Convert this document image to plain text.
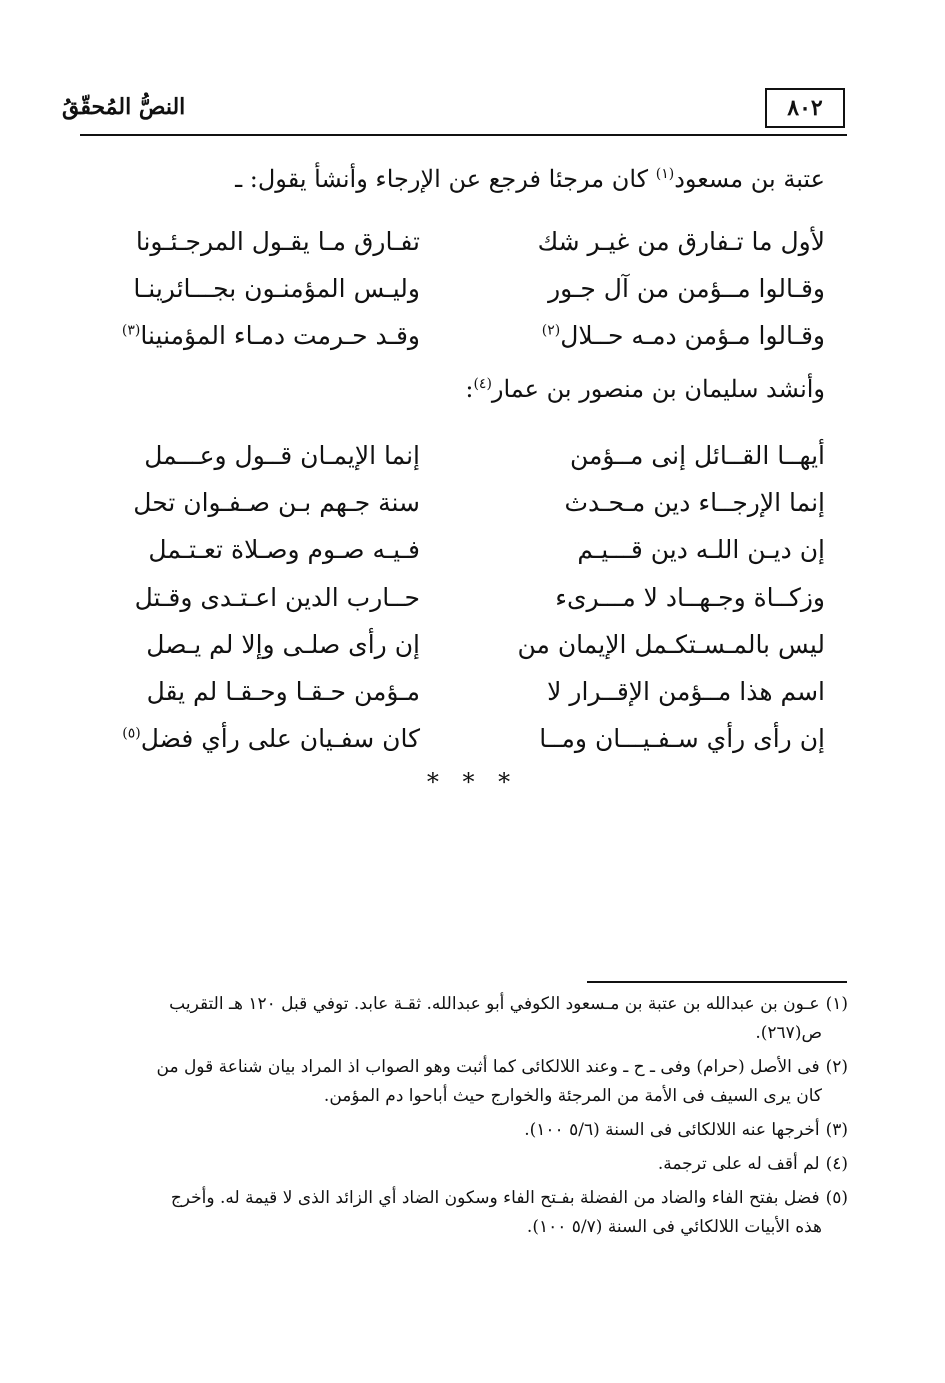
٨٠٢
النصُّ المُحقّقُ
عتبة بن مسعود$^{(١)}$ كان مرجئا فرجع عن الإرجاء وأنشأ يقول: ـ
لأول ما تـفارق من غيـر شك
تفـارق مـا يقـول المرجـئـونا
وقـالوا مــؤمن من آل جـور
وليـس المؤمنـون بجـــائرينـا
وقـالوا مـؤمن دمـه حــلال$^{(٢)}$
وقـد حـرمت دمـاء المؤمنينا$^{(٣)}$
وأنشد سليمان بن منصور بن عمار$^{(٤)}$:
أيهــا القــائل إنى مــؤمن
إنما الإيمـان قــول وعـــمل
إنما الإرجــاء دين مـحـدث
سنة جـهم بـن صـفـوان تحل
إن ديـن اللـه دين قـــيـم
فـيـه صـوم وصـلاة تعـتـمل
وزكــاة وجـهــاد لا مـــرىء
حــارب الدين اعـتـدى وقـتل
ليس بالمـسـتكـمل الإيمان من
إن رأى صلـى وإلا لم يـصل
اسم هذا مــؤمن الإقــرار لا
مـؤمن حـقـا وحـقـا لم يقل
إن رأى رأي سـفـيـــان ومــا
كان سفـيان على رأي فضل$^{(٥)}$
* * *
(١)عـون بن عبدالله بن عتبة بن مـسعود الكوفي أبو عبدالله. ثقـة عابد. توفي قبل ١٢٠ هـ التقريب
ص(٢٦٧).
(٢)فى الأصل (حرام) وفى ـ ح ـ وعند اللالكائى كما أثبت وهو الصواب اذ المراد بيان شناعة قول من
كان يرى السيف فى الأمة من المرجئة والخوارج حيث أباحوا دم المؤمن.
(٣)أخرجها عنه اللالكائى فى السنة (٥/٦ ١٠٠).
(٤)لم أقف له على ترجمة.
(٥)فضل بفتح الفاء والضاد من الفضلة بفـتح الفاء وسكون الضاد أي الزائد الذى لا قيمة له. وأخرج
هذه الأبيات اللالكائي فى السنة (٥/٧ ١٠٠).
